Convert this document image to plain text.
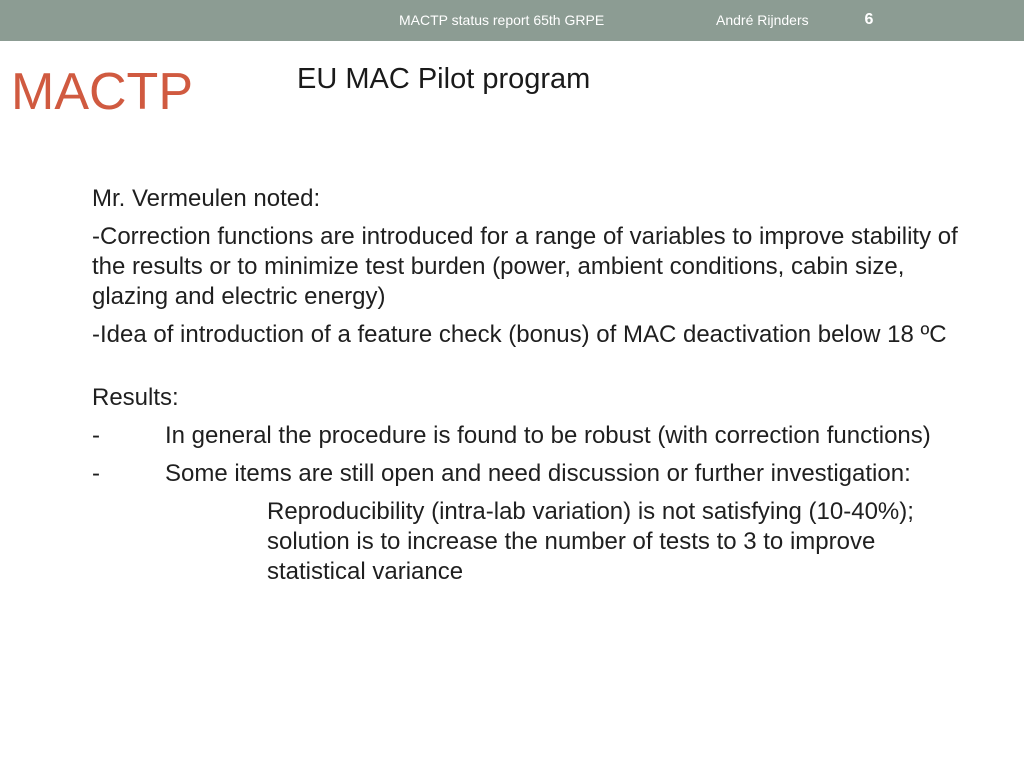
MACTP status report 65th GRPE	André Rijnders	6
MACTP	EU MAC Pilot program

Mr. Vermeulen noted:

-Correction functions are introduced for a range of variables to improve stability of the results or to minimize test burden (power, ambient conditions, cabin size, glazing and electric energy)

-Idea of introduction of a feature check (bonus) of MAC deactivation below 18 ºC

Results:

-	In general the procedure is found to be robust (with correction functions)
-	Some items are still open and need discussion or further investigation:

Reproducibility (intra-lab variation) is not satisfying (10-40%); solution is to increase the number of tests to 3 to improve statistical variance
